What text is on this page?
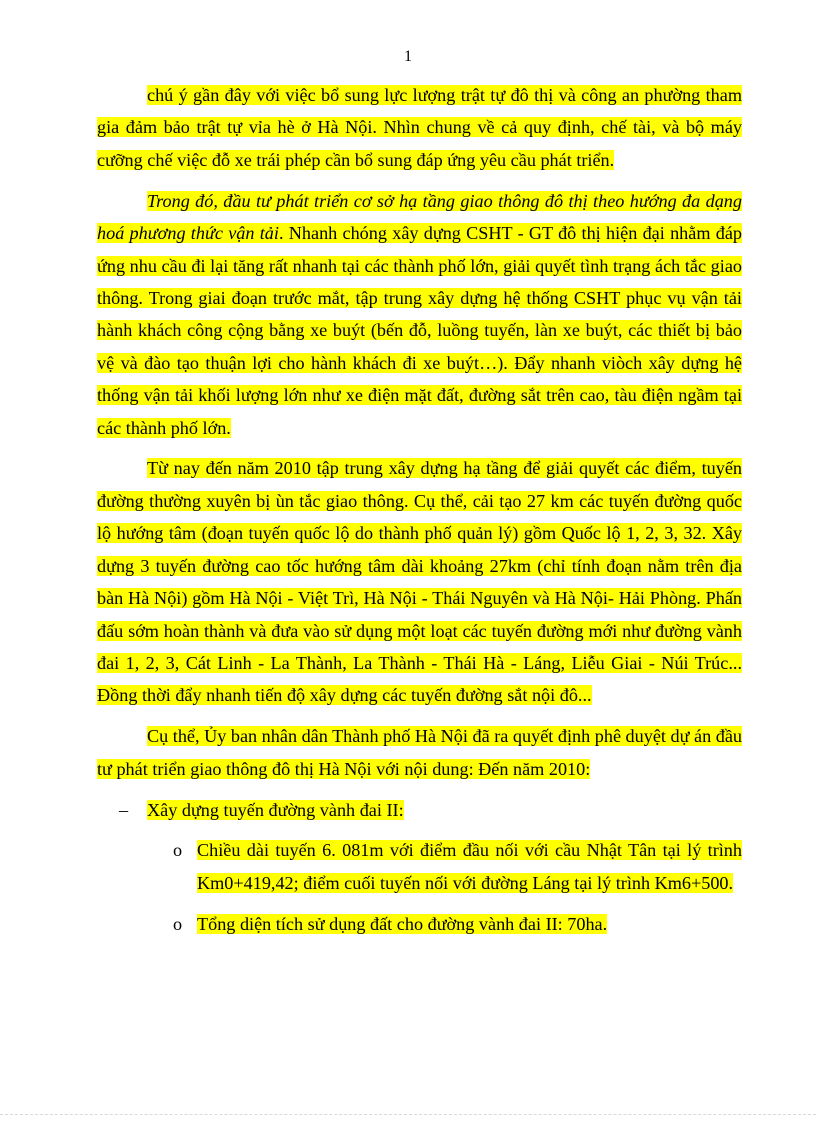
1

chú ý gần đây với việc bổ sung lực lượng trật tự đô thị và công an phường tham gia đảm bảo trật tự vỉa hè ở Hà Nội. Nhìn chung về cả quy định, chế tài, và bộ máy cưỡng chế việc đỗ xe trái phép cần bổ sung đáp ứng yêu cầu phát triển.

Trong đó, đầu tư phát triển cơ sở hạ tầng giao thông đô thị theo hướng đa dạng hoá phương thức vận tải. Nhanh chóng xây dựng CSHT - GT đô thị hiện đại nhằm đáp ứng nhu cầu đi lại tăng rất nhanh tại các thành phố lớn, giải quyết tình trạng ách tắc giao thông. Trong giai đoạn trước mắt, tập trung xây dựng hệ thống CSHT phục vụ vận tải hành khách công cộng bằng xe buýt (bến đỗ, luồng tuyến, làn xe buýt, các thiết bị bảo vệ và đào tạo thuận lợi cho hành khách đi xe buýt…). Đẩy nhanh viòch xây dựng hệ thống vận tải khối lượng lớn như xe điện mặt đất, đường sắt trên cao, tàu điện ngầm tại các thành phố lớn.

Từ nay đến năm 2010 tập trung xây dựng hạ tầng để giải quyết các điểm, tuyến đường thường xuyên bị ùn tắc giao thông. Cụ thể, cải tạo 27 km các tuyến đường quốc lộ hướng tâm (đoạn tuyến quốc lộ do thành phố quản lý) gồm Quốc lộ 1, 2, 3, 32. Xây dựng 3 tuyến đường cao tốc hướng tâm dài khoảng 27km (chỉ tính đoạn nằm trên địa bàn Hà Nội) gồm Hà Nội - Việt Trì, Hà Nội - Thái Nguyên và Hà Nội- Hải Phòng. Phấn đấu sớm hoàn thành và đưa vào sử dụng một loạt các tuyến đường mới như đường vành đai 1, 2, 3, Cát Linh - La Thành, La Thành - Thái Hà - Láng, Liễu Giai - Núi Trúc... Đồng thời đẩy nhanh tiến độ xây dựng các tuyến đường sắt nội đô...

Cụ thể, Ủy ban nhân dân Thành phố Hà Nội đã ra quyết định phê duyệt dự án đầu tư phát triển giao thông đô thị Hà Nội với nội dung: Đến năm 2010:

– Xây dựng tuyến đường vành đai II:
o Chiều dài tuyến 6. 081m với điểm đầu nối với cầu Nhật Tân tại lý trình Km0+419,42; điểm cuối tuyến nối với đường Láng tại lý trình Km6+500.
o Tổng diện tích sử dụng đất cho đường vành đai II: 70ha.
